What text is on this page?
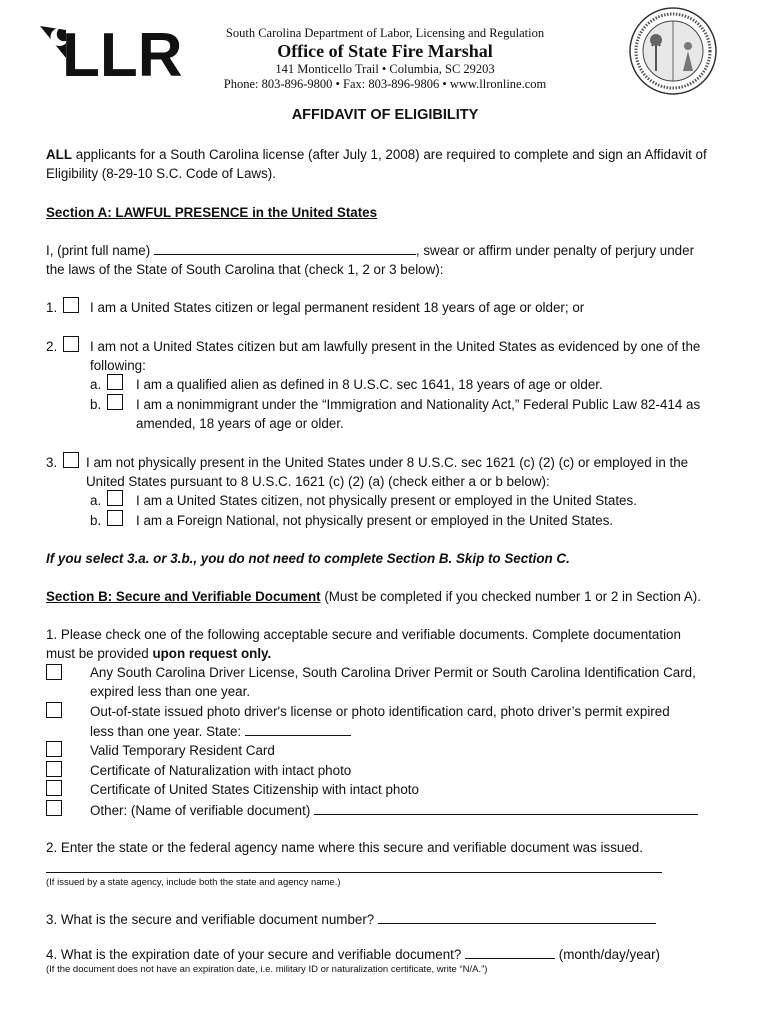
LLR	South Carolina Department of Labor, Licensing and Regulation
Office of State Fire Marshal
141 Monticello Trail • Columbia, SC 29203
Phone: 803-896-9800 • Fax: 803-896-9806 • www.llronline.com
AFFIDAVIT OF ELIGIBILITY
ALL applicants for a South Carolina license (after July 1, 2008) are required to complete and sign an Affidavit of
Eligibility (8-29-10 S.C. Code of Laws).
Section A: LAWFUL PRESENCE in the United States
I, (print full name)	, swear or affirm under penalty of perjury under
the laws of the State of South Carolina that (check 1, 2 or 3 below):
1. I am a United States citizen or legal permanent resident 18 years of age or older; or
2. I am not a United States citizen but am lawfully present in the United States as evidenced by one of the
following:
a.	I am a qualified alien as defined in 8 U.S.C. sec 1641, 18 years of age or older.
b.	I am a nonimmigrant under the “Immigration and Nationality Act,” Federal Public Law 82-414 as
amended, 18 years of age or older.
3. I am not physically present in the United States under 8 U.S.C. sec 1621 (c) (2) (c) or employed in the
United States pursuant to 8 U.S.C. 1621 (c) (2) (a) (check either a or b below):
a.	I am a United States citizen, not physically present or employed in the United States.
b.	I am a Foreign National, not physically present or employed in the United States.
If you select 3.a. or 3.b., you do not need to complete Section B. Skip to Section C.
Section B: Secure and Verifiable Document (Must be completed if you checked number 1 or 2 in Section A).
1. Please check one of the following acceptable secure and verifiable documents. Complete documentation
must be provided upon request only.
Any South Carolina Driver License, South Carolina Driver Permit or South Carolina Identification Card,
expired less than one year.
Out-of-state issued photo driver's license or photo identification card, photo driver’s permit expired
less than one year. State:
Valid Temporary Resident Card
Certificate of Naturalization with intact photo
Certificate of United States Citizenship with intact photo
Other: (Name of verifiable document)
2. Enter the state or the federal agency name where this secure and verifiable document was issued.
(If issued by a state agency, include both the state and agency name.)
3. What is the secure and verifiable document number?
4. What is the expiration date of your secure and verifiable document?	(month/day/year)
(If the document does not have an expiration date, i.e. military ID or naturalization certificate, write “N/A.”)
